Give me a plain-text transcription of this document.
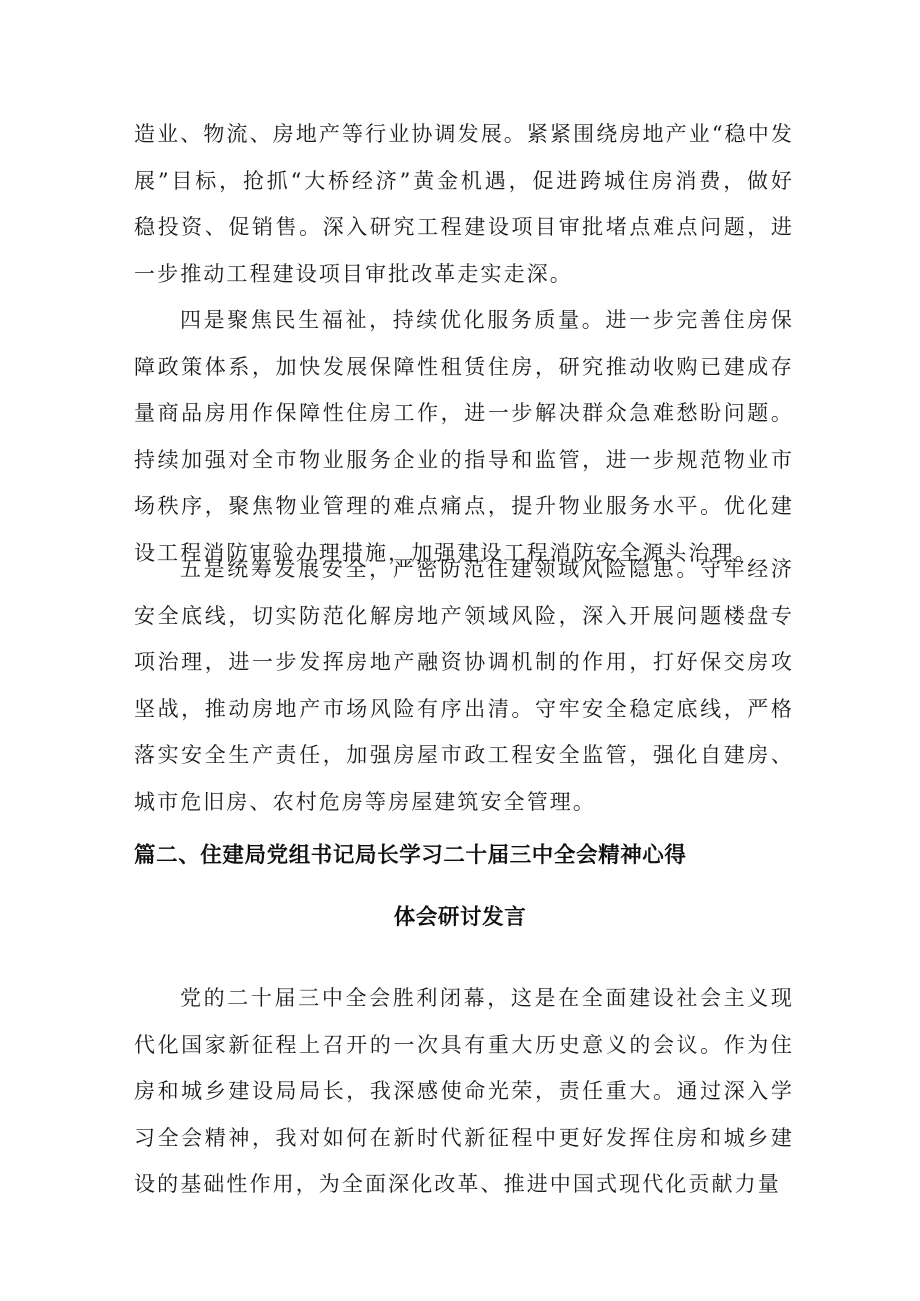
造业、物流、房地产等行业协调发展。紧紧围绕房地产业“稳中发展”目标，抢抓“大桥经济”黄金机遇，促进跨城住房消费，做好稳投资、促销售。深入研究工程建设项目审批堵点难点问题，进一步推动工程建设项目审批改革走实走深。

四是聚焦民生福祉，持续优化服务质量。进一步完善住房保障政策体系，加快发展保障性租赁住房，研究推动收购已建成存量商品房用作保障性住房工作，进一步解决群众急难愁盼问题。持续加强对全市物业服务企业的指导和监管，进一步规范物业市场秩序，聚焦物业管理的难点痛点，提升物业服务水平。优化建设工程消防审验办理措施，加强建设工程消防安全源头治理。

五是统筹发展安全，严密防范住建领域风险隐患。守牢经济安全底线，切实防范化解房地产领域风险，深入开展问题楼盘专项治理，进一步发挥房地产融资协调机制的作用，打好保交房攻坚战，推动房地产市场风险有序出清。守牢安全稳定底线，严格落实安全生产责任，加强房屋市政工程安全监管，强化自建房、城市危旧房、农村危房等房屋建筑安全管理。

篇二、住建局党组书记局长学习二十届三中全会精神心得
体会研讨发言

党的二十届三中全会胜利闭幕，这是在全面建设社会主义现代化国家新征程上召开的一次具有重大历史意义的会议。作为住房和城乡建设局局长，我深感使命光荣，责任重大。通过深入学习全会精神，我对如何在新时代新征程中更好发挥住房和城乡建设的基础性作用，为全面深化改革、推进中国式现代化贡献力量
